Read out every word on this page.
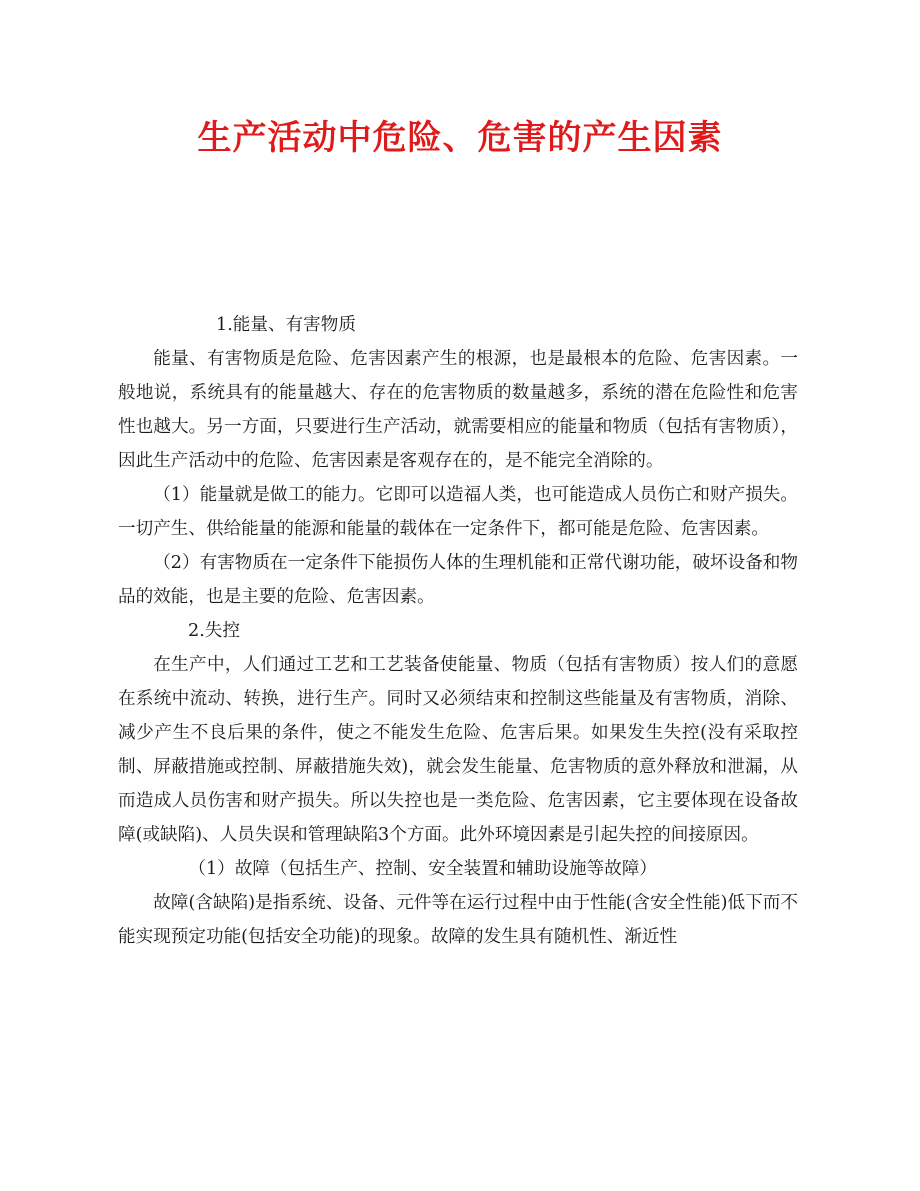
生产活动中危险、危害的产生因素

1.能量、有害物质

能量、有害物质是危险、危害因素产生的根源，也是最根本的危险、危害因素。一般地说，系统具有的能量越大、存在的危害物质的数量越多，系统的潜在危险性和危害性也越大。另一方面，只要进行生产活动，就需要相应的能量和物质（包括有害物质），因此生产活动中的危险、危害因素是客观存在的，是不能完全消除的。

（1）能量就是做工的能力。它即可以造福人类，也可能造成人员伤亡和财产损失。一切产生、供给能量的能源和能量的载体在一定条件下，都可能是危险、危害因素。

（2）有害物质在一定条件下能损伤人体的生理机能和正常代谢功能，破坏设备和物品的效能，也是主要的危险、危害因素。

2.失控

在生产中，人们通过工艺和工艺装备使能量、物质（包括有害物质）按人们的意愿在系统中流动、转换，进行生产。同时又必须结束和控制这些能量及有害物质，消除、减少产生不良后果的条件，使之不能发生危险、危害后果。如果发生失控(没有采取控制、屏蔽措施或控制、屏蔽措施失效)，就会发生能量、危害物质的意外释放和泄漏，从而造成人员伤害和财产损失。所以失控也是一类危险、危害因素，它主要体现在设备故障(或缺陷)、人员失误和管理缺陷3个方面。此外环境因素是引起失控的间接原因。

（1）故障（包括生产、控制、安全装置和辅助设施等故障）

故障(含缺陷)是指系统、设备、元件等在运行过程中由于性能(含安全性能)低下而不能实现预定功能(包括安全功能)的现象。故障的发生具有随机性、渐近性
